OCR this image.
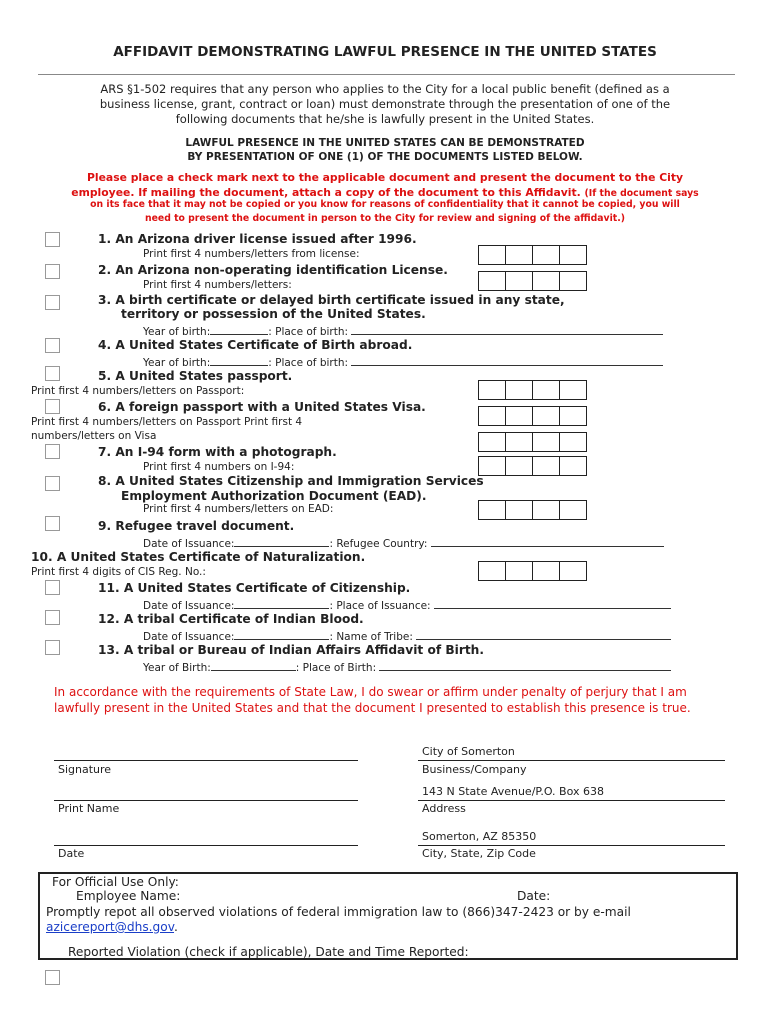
AFFIDAVIT DEMONSTRATING LAWFUL PRESENCE IN THE UNITED STATES
ARS §1-502 requires that any person who applies to the City for a local public benefit (defined as a
business license, grant, contract or loan) must demonstrate through the presentation of one of the
following documents that he/she is lawfully present in the United States.
LAWFUL PRESENCE IN THE UNITED STATES CAN BE DEMONSTRATED
BY PRESENTATION OF ONE (1) OF THE DOCUMENTS LISTED BELOW.
Please place a check mark next to the applicable document and present the document to the City
employee. If mailing the document, attach a copy of the document to this Affidavit. (If the document says
on its face that it may not be copied or you know for reasons of confidentiality that it cannot be copied, you will
need to present the document in person to the City for review and signing of the affidavit.)
1. An Arizona driver license issued after 1996.
Print first 4 numbers/letters from license:
2. An Arizona non-operating identification License.
Print first 4 numbers/letters:
3. A birth certificate or delayed birth certificate issued in any state,
territory or possession of the United States.
Year of birth:	: Place of birth:
4. A United States Certificate of Birth abroad.
Year of birth:	: Place of birth:
5. A United States passport.
Print first 4 numbers/letters on Passport:
6. A foreign passport with a United States Visa.
Print first 4 numbers/letters on Passport Print first 4
numbers/letters on Visa
7. An I-94 form with a photograph.
Print first 4 numbers on I-94:
8. A United States Citizenship and Immigration Services
Employment Authorization Document (EAD).
Print first 4 numbers/letters on EAD:
9. Refugee travel document.
Date of Issuance:	: Refugee Country:
10. A United States Certificate of Naturalization.
Print first 4 digits of CIS Reg. No.:
11. A United States Certificate of Citizenship.
Date of Issuance:	: Place of Issuance:
12. A tribal Certificate of Indian Blood.
Date of Issuance:	: Name of Tribe:
13. A tribal or Bureau of Indian Affairs Affidavit of Birth.
Year of Birth:	: Place of Birth:
In accordance with the requirements of State Law, I do swear or affirm under penalty of perjury that I am lawfully present in the United States and that the document I presented to establish this presence is true.
Signature
Print Name
Date
City of Somerton
Business/Company
143 N State Avenue/P.O. Box 638
Address
Somerton, AZ 85350
City, State, Zip Code
For Official Use Only:
Employee Name:	Date:
Promptly repot all observed violations of federal immigration law to (866)347-2423 or by e-mail
azicereport@dhs.gov.
Reported Violation (check if applicable), Date and Time Reported:
